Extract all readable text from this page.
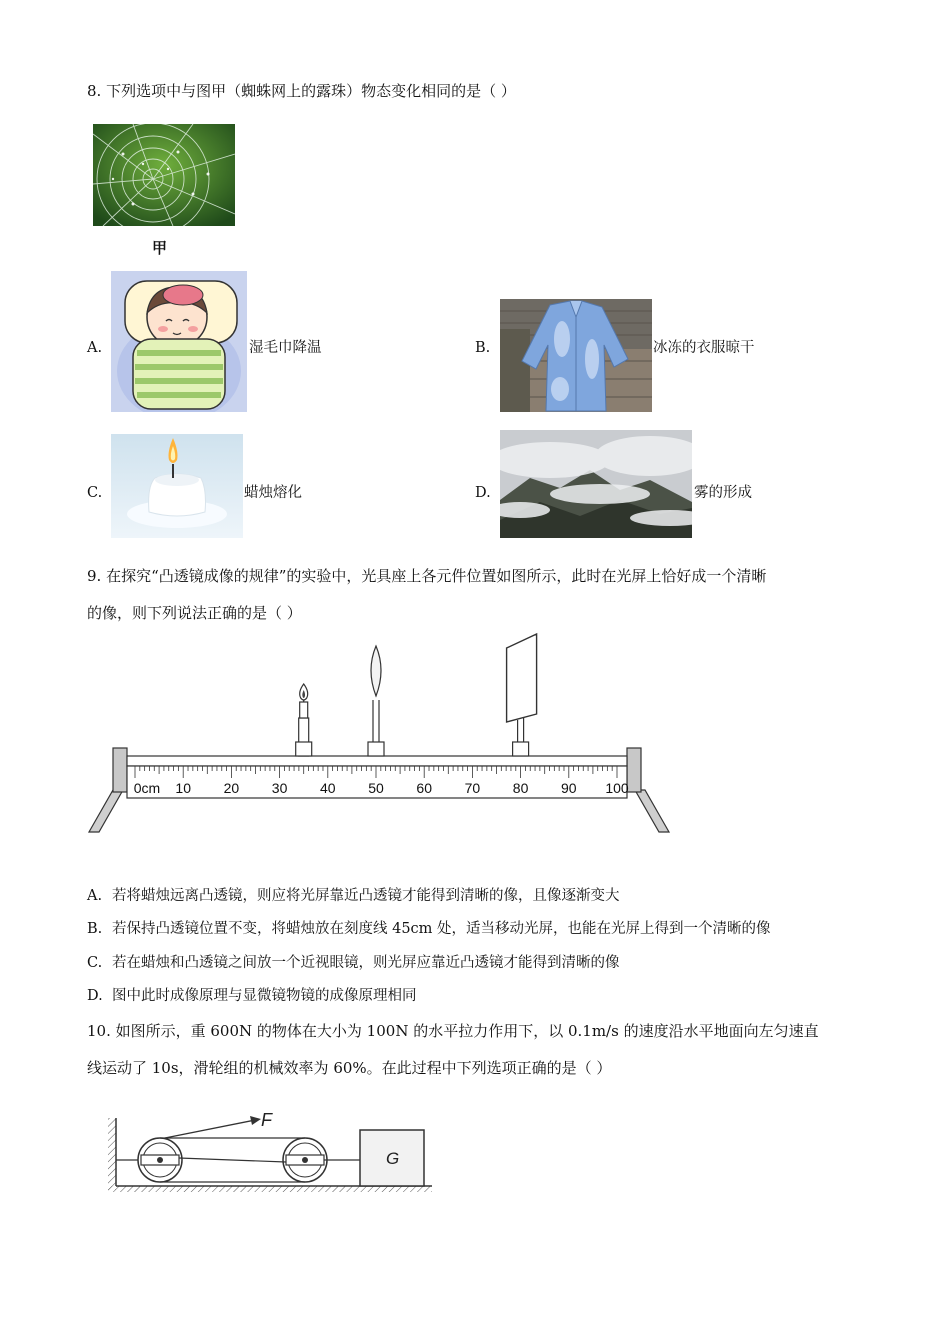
8. 下列选项中与图甲（蜘蛛网上的露珠）物态变化相同的是（ ）
甲
A.	湿毛巾降温	B.	冰冻的衣服晾干
C.	蜡烛熔化	D.	雾的形成
9. 在探究“凸透镜成像的规律”的实验中，光具座上各元件位置如图所示，此时在光屏上恰好成一个清晰
的像，则下列说法正确的是（ ）
0cm 10 20 30 40 50 60 70 80 90 100
A. 若将蜡烛远离凸透镜，则应将光屏靠近凸透镜才能得到清晰的像，且像逐渐变大
B. 若保持凸透镜位置不变，将蜡烛放在刻度线 45cm 处，适当移动光屏，也能在光屏上得到一个清晰的像
C. 若在蜡烛和凸透镜之间放一个近视眼镜，则光屏应靠近凸透镜才能得到清晰的像
D. 图中此时成像原理与显微镜物镜的成像原理相同
10. 如图所示，重 600N 的物体在大小为 100N 的水平拉力作用下，以 0.1m/s 的速度沿水平地面向左匀速直
线运动了 10s，滑轮组的机械效率为 60%。在此过程中下列选项正确的是（ ）
F
G
